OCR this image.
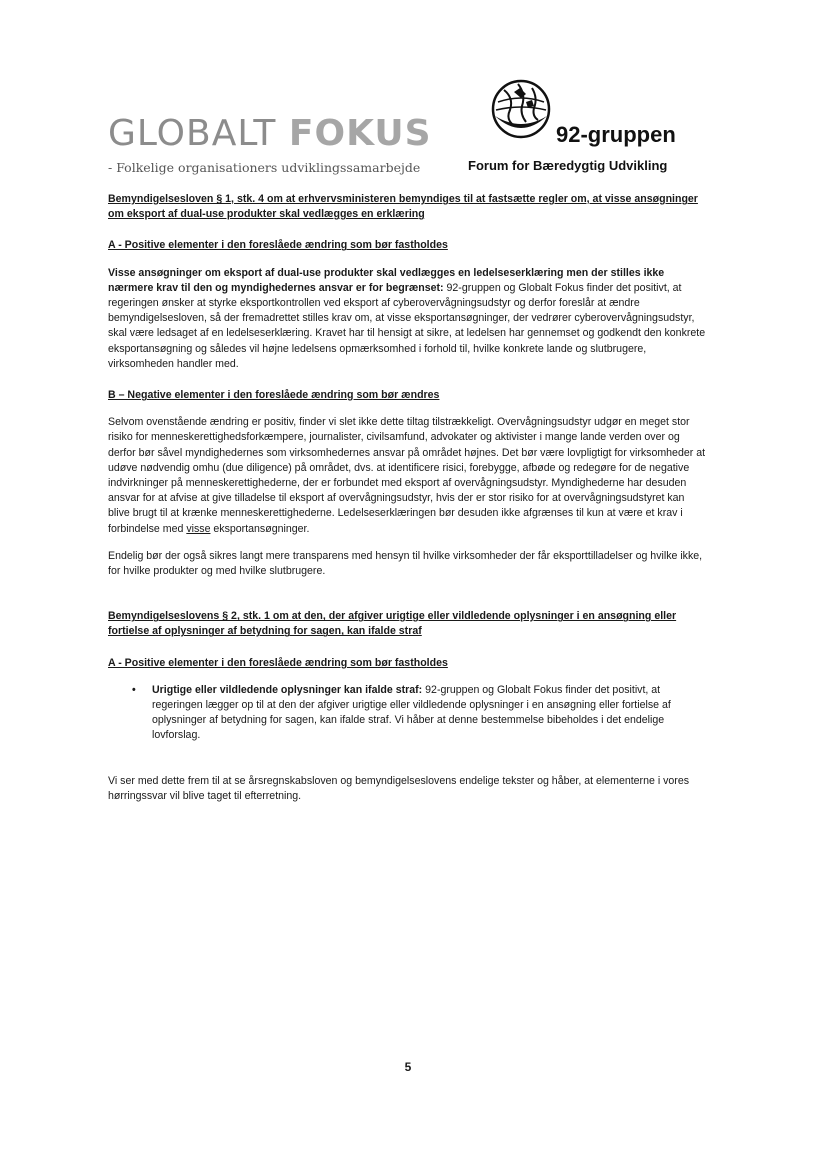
GLOBALT FOKUS
- Folkelige organisationers udviklingssamarbejde
92-gruppen
Forum for Bæredygtig Udvikling

Bemyndigelsesloven § 1, stk. 4 om at erhvervsministeren bemyndiges til at fastsætte regler om, at visse ansøgninger om eksport af dual-use produkter skal vedlægges en erklæring

A - Positive elementer i den foreslåede ændring som bør fastholdes

Visse ansøgninger om eksport af dual-use produkter skal vedlægges en ledelseserklæring men der stilles ikke nærmere krav til den og myndighedernes ansvar er for begrænset: 92-gruppen og Globalt Fokus finder det positivt, at regeringen ønsker at styrke eksportkontrollen ved eksport af cyberovervågningsudstyr og derfor foreslår at ændre bemyndigelsesloven, så der fremadrettet stilles krav om, at visse eksportansøgninger, der vedrører cyberovervågningsudstyr, skal være ledsaget af en ledelseserklæring. Kravet har til hensigt at sikre, at ledelsen har gennemset og godkendt den konkrete eksportansøgning og således vil højne ledelsens opmærksomhed i forhold til, hvilke konkrete lande og slutbrugere, virksomheden handler med.

B – Negative elementer i den foreslåede ændring som bør ændres

Selvom ovenstående ændring er positiv, finder vi slet ikke dette tiltag tilstrækkeligt. Overvågningsudstyr udgør en meget stor risiko for menneskerettighedsforkæmpere, journalister, civilsamfund, advokater og aktivister i mange lande verden over og derfor bør såvel myndighedernes som virksomhedernes ansvar på området højnes. Det bør være lovpligtigt for virksomheder at udøve nødvendig omhu (due diligence) på området, dvs. at identificere risici, forebygge, afbøde og redegøre for de negative indvirkninger på menneskerettighederne, der er forbundet med eksport af overvågningsudstyr. Myndighederne har desuden ansvar for at afvise at give tilladelse til eksport af overvågningsudstyr, hvis der er stor risiko for at overvågningsudstyret kan blive brugt til at krænke menneskerettighederne. Ledelseserklæringen bør desuden ikke afgrænses til kun at være et krav i forbindelse med visse eksportansøgninger.

Endelig bør der også sikres langt mere transparens med hensyn til hvilke virksomheder der får eksporttilladelser og hvilke ikke, for hvilke produkter og med hvilke slutbrugere.

Bemyndigelseslovens § 2, stk. 1 om at den, der afgiver urigtige eller vildledende oplysninger i en ansøgning eller fortielse af oplysninger af betydning for sagen, kan ifalde straf

A - Positive elementer i den foreslåede ændring som bør fastholdes

• Urigtige eller vildledende oplysninger kan ifalde straf: 92-gruppen og Globalt Fokus finder det positivt, at regeringen lægger op til at den der afgiver urigtige eller vildledende oplysninger i en ansøgning eller fortielse af oplysninger af betydning for sagen, kan ifalde straf. Vi håber at denne bestemmelse bibeholdes i det endelige lovforslag.

Vi ser med dette frem til at se årsregnskabsloven og bemyndigelseslovens endelige tekster og håber, at elementerne i vores hørringssvar vil blive taget til efterretning.

5
